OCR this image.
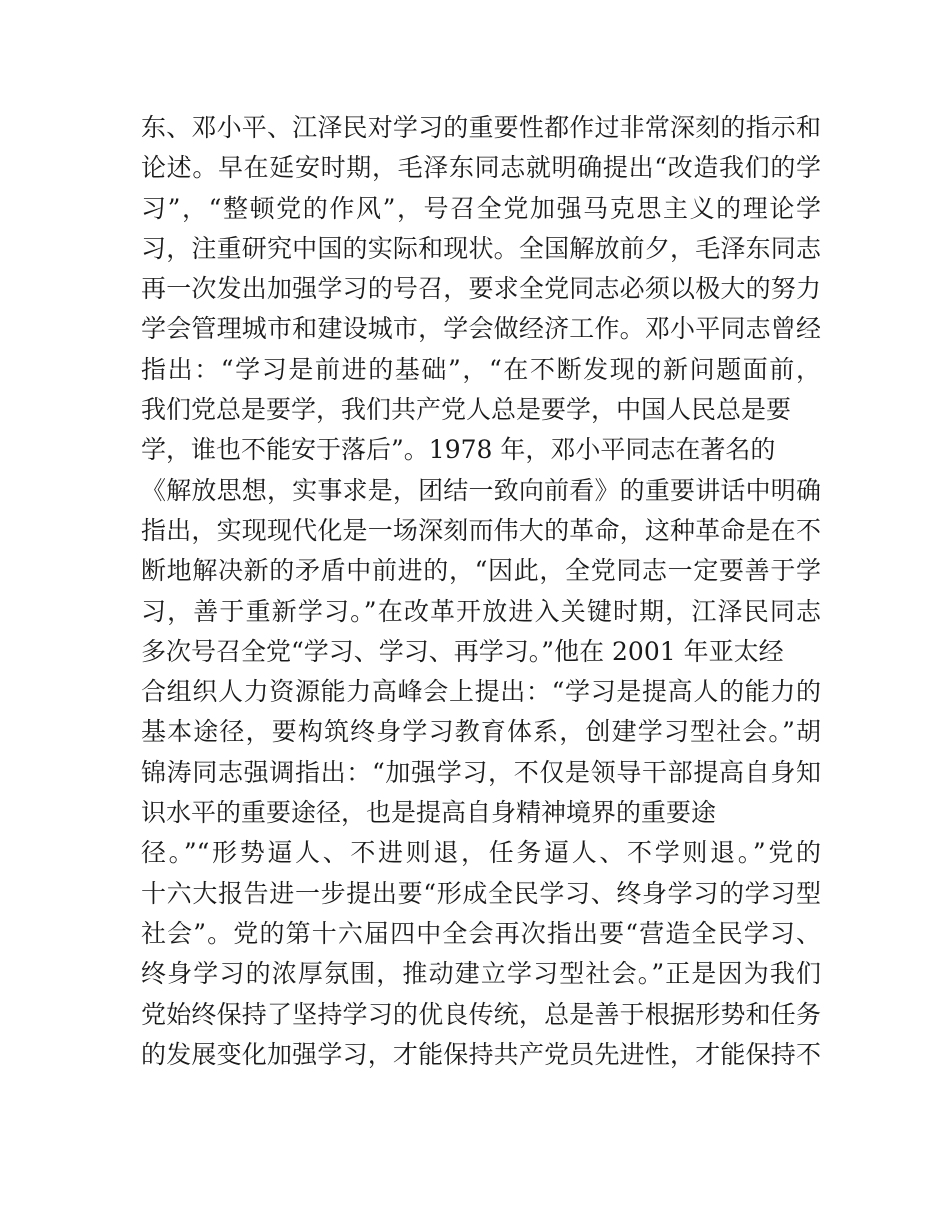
东、邓小平、江泽民对学习的重要性都作过非常深刻的指示和
论述。早在延安时期，毛泽东同志就明确提出“改造我们的学
习”，“整顿党的作风”，号召全党加强马克思主义的理论学
习，注重研究中国的实际和现状。全国解放前夕，毛泽东同志
再一次发出加强学习的号召，要求全党同志必须以极大的努力
学会管理城市和建设城市，学会做经济工作。邓小平同志曾经
指出：“学习是前进的基础”，“在不断发现的新问题面前，
我们党总是要学，我们共产党人总是要学，中国人民总是要
学，谁也不能安于落后”。1978 年，邓小平同志在著名的
《解放思想，实事求是，团结一致向前看》的重要讲话中明确
指出，实现现代化是一场深刻而伟大的革命，这种革命是在不
断地解决新的矛盾中前进的，“因此，全党同志一定要善于学
习，善于重新学习。”在改革开放进入关键时期，江泽民同志
多次号召全党“学习、学习、再学习。”他在 2001 年亚太经
合组织人力资源能力高峰会上提出：“学习是提高人的能力的
基本途径，要构筑终身学习教育体系，创建学习型社会。”胡
锦涛同志强调指出：“加强学习，不仅是领导干部提高自身知
识水平的重要途径，也是提高自身精神境界的重要途
径。”“形势逼人、不进则退，任务逼人、不学则退。”党的
十六大报告进一步提出要“形成全民学习、终身学习的学习型
社会”。党的第十六届四中全会再次指出要“营造全民学习、
终身学习的浓厚氛围，推动建立学习型社会。”正是因为我们
党始终保持了坚持学习的优良传统，总是善于根据形势和任务
的发展变化加强学习，才能保持共产党员先进性，才能保持不
